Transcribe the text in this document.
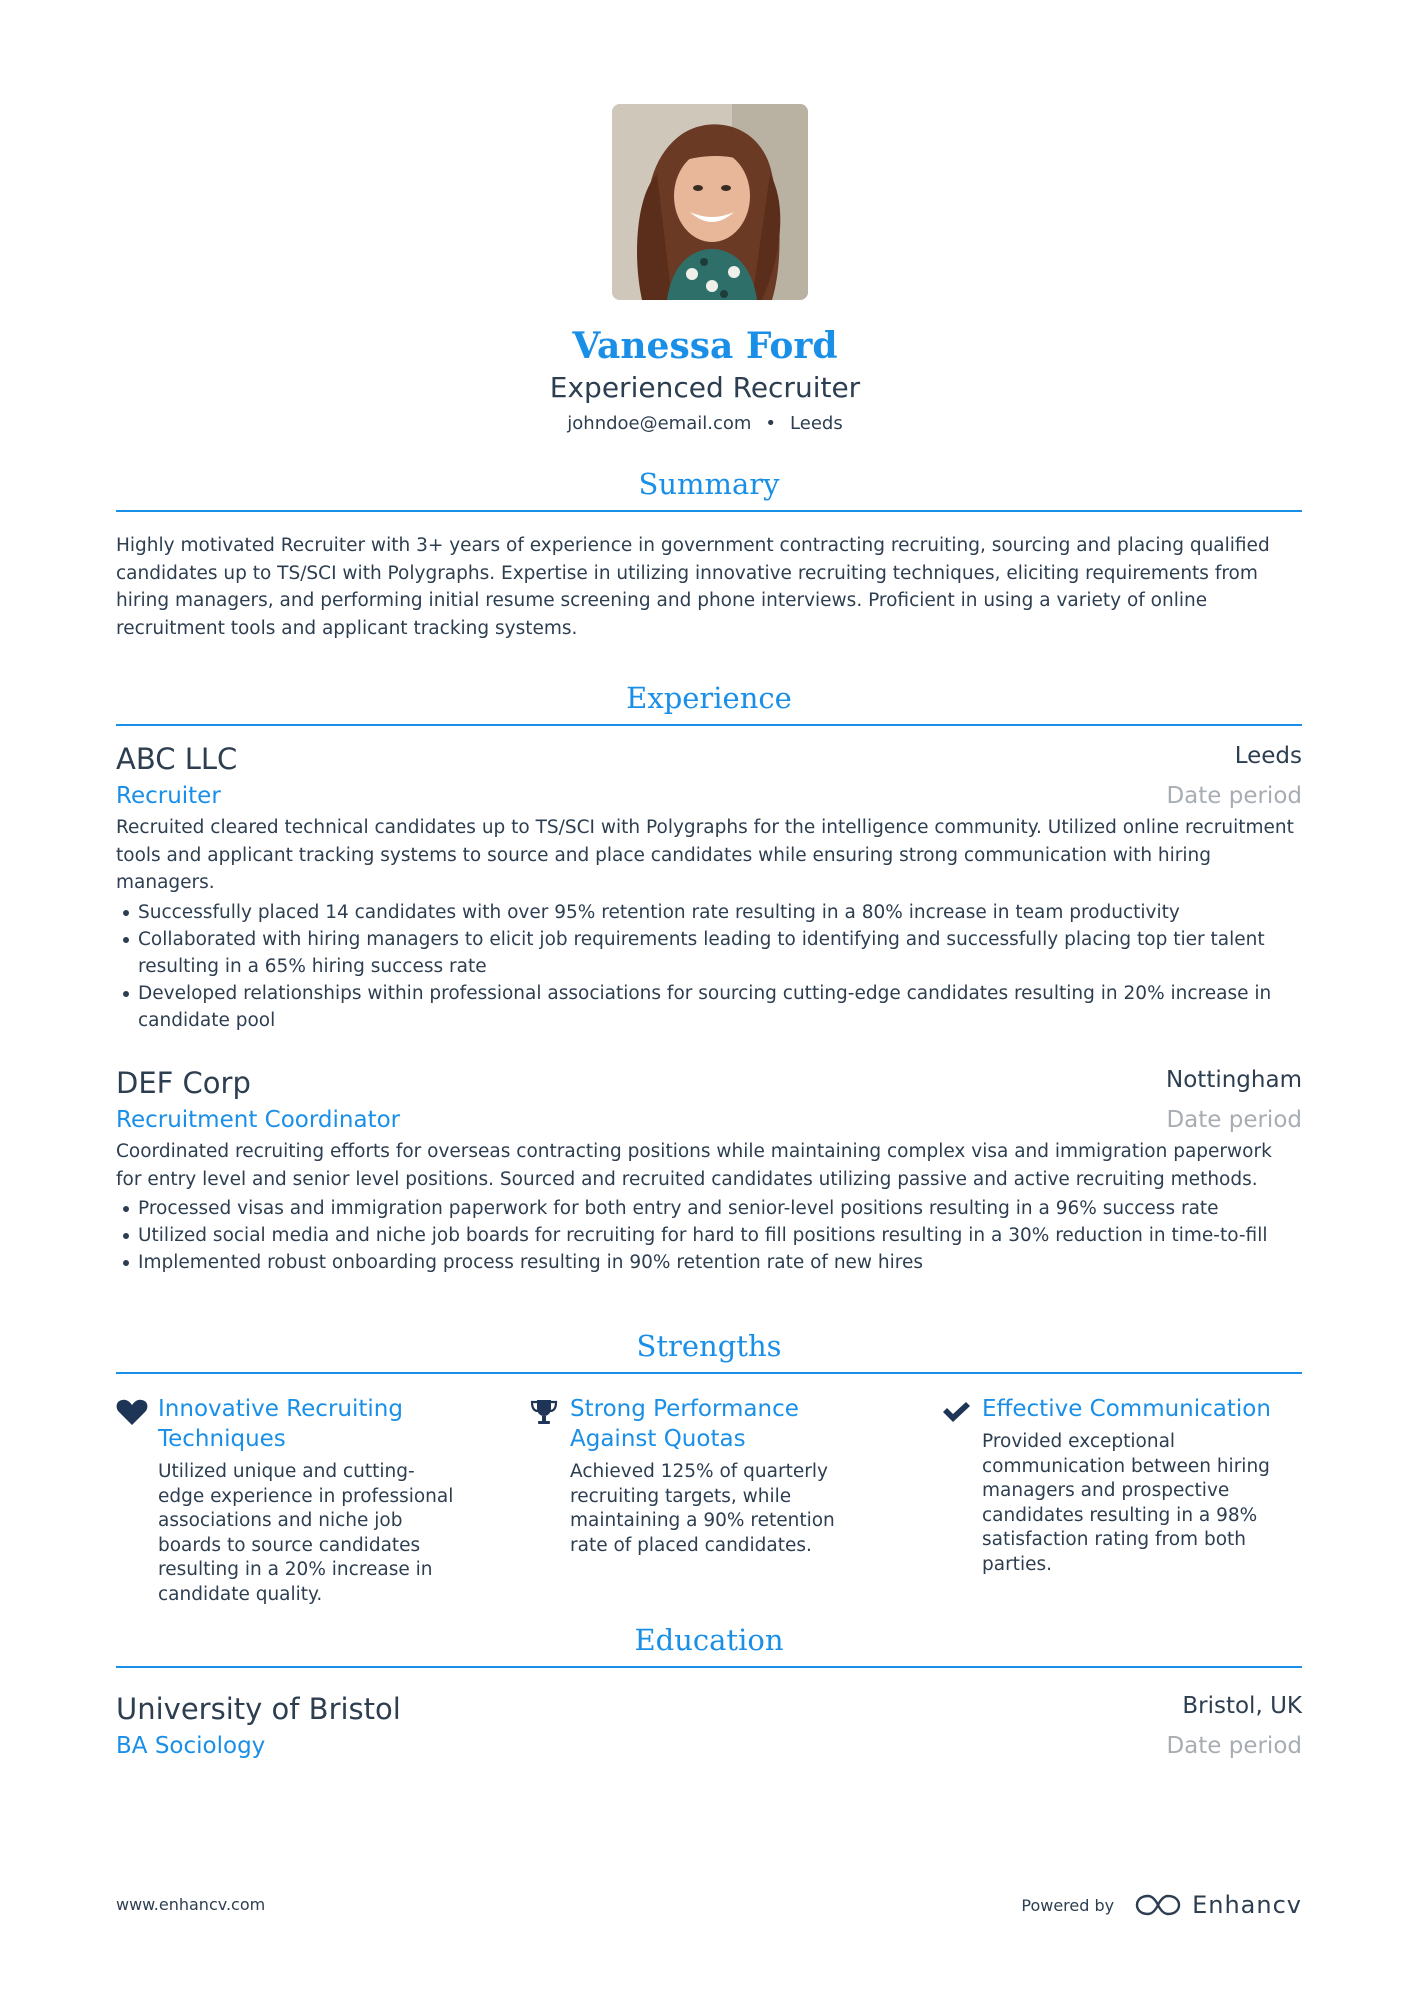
Vanessa Ford
Experienced Recruiter
johndoe@email.com • Leeds
Summary
Highly motivated Recruiter with 3+ years of experience in government contracting recruiting, sourcing and placing qualified candidates up to TS/SCI with Polygraphs. Expertise in utilizing innovative recruiting techniques, eliciting requirements from hiring managers, and performing initial resume screening and phone interviews. Proficient in using a variety of online recruitment tools and applicant tracking systems.
Experience
ABC LLC	Leeds
Recruiter	Date period
Recruited cleared technical candidates up to TS/SCI with Polygraphs for the intelligence community. Utilized online recruitment tools and applicant tracking systems to source and place candidates while ensuring strong communication with hiring managers.
Successfully placed 14 candidates with over 95% retention rate resulting in a 80% increase in team productivity
Collaborated with hiring managers to elicit job requirements leading to identifying and successfully placing top tier talent resulting in a 65% hiring success rate
Developed relationships within professional associations for sourcing cutting-edge candidates resulting in 20% increase in candidate pool
DEF Corp	Nottingham
Recruitment Coordinator	Date period
Coordinated recruiting efforts for overseas contracting positions while maintaining complex visa and immigration paperwork for entry level and senior level positions. Sourced and recruited candidates utilizing passive and active recruiting methods.
Processed visas and immigration paperwork for both entry and senior-level positions resulting in a 96% success rate
Utilized social media and niche job boards for recruiting for hard to fill positions resulting in a 30% reduction in time-to-fill
Implemented robust onboarding process resulting in 90% retention rate of new hires
Strengths
Innovative Recruiting Techniques
Utilized unique and cutting-edge experience in professional associations and niche job boards to source candidates resulting in a 20% increase in candidate quality.
Strong Performance Against Quotas
Achieved 125% of quarterly recruiting targets, while maintaining a 90% retention rate of placed candidates.
Effective Communication
Provided exceptional communication between hiring managers and prospective candidates resulting in a 98% satisfaction rating from both parties.
Education
University of Bristol	Bristol, UK
BA Sociology	Date period
www.enhancv.com	Powered by	Enhancv
